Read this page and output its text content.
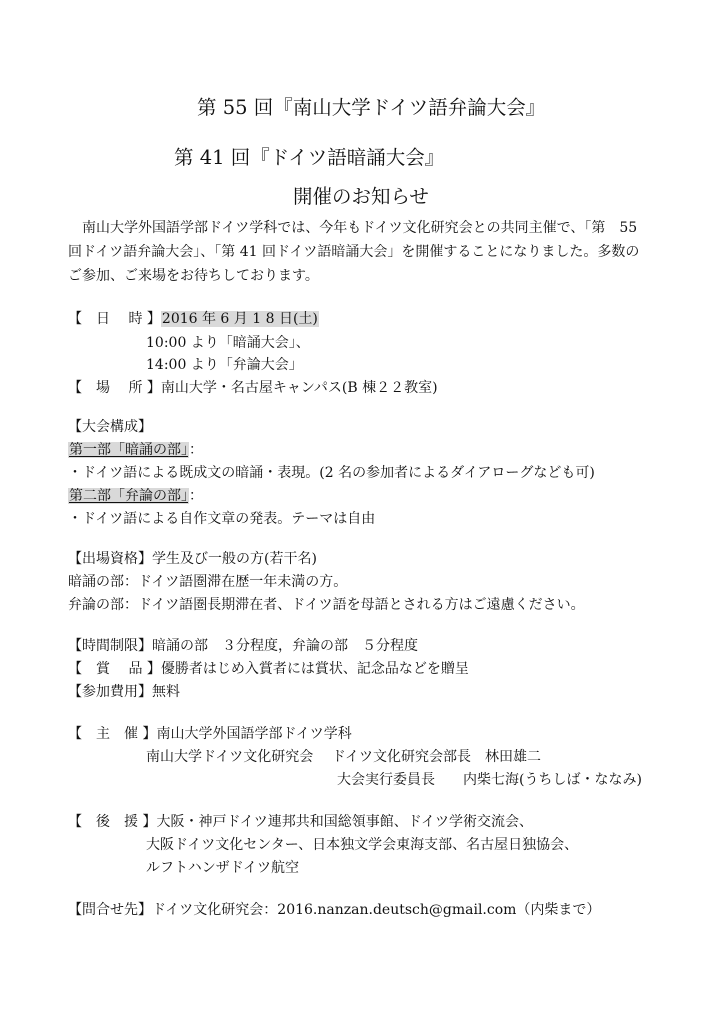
第 55 回『南山大学ドイツ語弁論大会』
第 41 回『ドイツ語暗誦大会』
開催のお知らせ
　南山大学外国語学部ドイツ学科では、今年もドイツ文化研究会との共同主催で、「第　55
回ドイツ語弁論大会」、「第 41 回ドイツ語暗誦大会」を開催することになりました。多数の
ご参加、ご来場をお待ちしております。
【　日　 時 】2016 年 6 月 1 8 日(土)
10:00 より「暗誦大会」、
14:00 より「弁論大会」
【　場　 所 】南山大学・名古屋キャンパス(B 棟２２教室)
【大会構成】
第一部「暗誦の部」：
・ドイツ語による既成文の暗誦・表現。(2 名の参加者によるダイアローグなども可)
第二部「弁論の部」：
・ドイツ語による自作文章の発表。テーマは自由
【出場資格】学生及び一般の方(若干名)
暗誦の部：ドイツ語圏滞在歴一年未満の方。
弁論の部：ドイツ語圏長期滞在者、ドイツ語を母語とされる方はご遠慮ください。
【時間制限】暗誦の部　３分程度，弁論の部　５分程度
【　賞　 品 】優勝者はじめ入賞者には賞状、記念品などを贈呈
【参加費用】無料
【　主　催 】南山大学外国語学部ドイツ学科
南山大学ドイツ文化研究会　 ドイツ文化研究会部長　林田雄二
大会実行委員長　　内柴七海(うちしば・ななみ)
【　後　援 】大阪・神戸ドイツ連邦共和国総領事館、ドイツ学術交流会、
大阪ドイツ文化センター、日本独文学会東海支部、名古屋日独協会、
ルフトハンザドイツ航空
【問合せ先】ドイツ文化研究会：2016.nanzan.deutsch@gmail.com（内柴まで）
